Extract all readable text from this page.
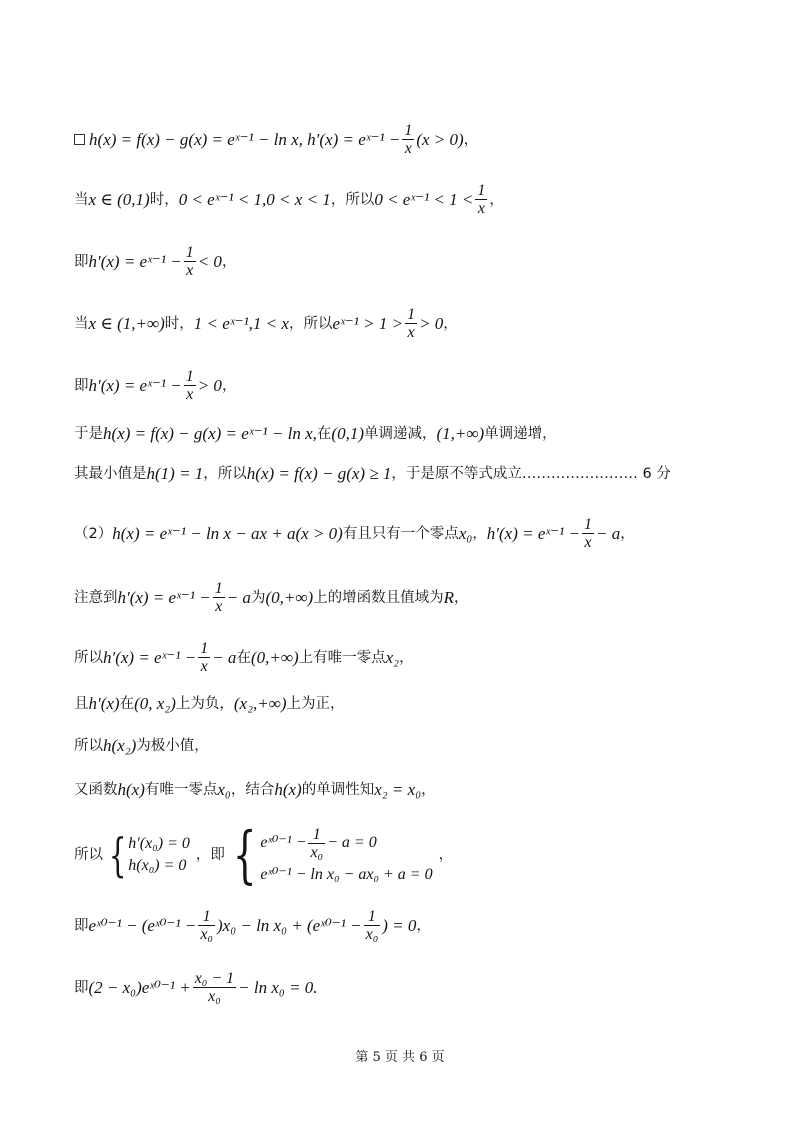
h(x) = f(x) − g(x) = eˣ⁻¹ − ln x, h′(x) = eˣ⁻¹ − $\frac{1}{x} (x > 0)$ ，
当 x ∈ (0,1) 时， 0 < eˣ⁻¹ < 1,0 < x < 1 ，所以 0 < eˣ⁻¹ < $1 < \frac{1}{x}$ ，
即 h′(x) = eˣ⁻¹ − $\frac{1}{x} < 0$ ，
当 x ∈ (1,+∞) 时， 1 < eˣ⁻¹,1 < x ，所以 eˣ⁻¹ > $1 > \frac{1}{x} > 0$ ，
即 h′(x) = eˣ⁻¹ − $\frac{1}{x} > 0$ ，
于是 h(x) = f(x) − g(x) = eˣ⁻¹ − ln x, 在 (0,1) 单调递减， (1,+∞) 单调递增，
其最小值是 h(1) = 1 ，所以 h(x) = f(x) − g(x) ≥ 1 ，于是原不等式成立…………………… 6 分
（2） h(x) = eˣ⁻¹ − ln x − ax + a(x > 0) 有且只有一个零点 x₀ ， h′(x) = eˣ⁻¹ − $\frac{1}{x} - a$ ，
注意到 h′(x) = eˣ⁻¹ − $\frac{1}{x} - a$ 为 (0,+∞) 上的增函数且值域为 R ，
所以 h′(x) = eˣ⁻¹ − $\frac{1}{x} - a$ 在 (0,+∞) 上有唯一零点 x₂ ，
且 h′(x) 在 (0, x₂) 上为负， (x₂,+∞) 上为正，
所以 h(x₂) 为极小值，
又函数 h(x) 有唯一零点 x₀ ，结合 h(x) 的单调性知 x₂ = x₀ ，
所以 { h′(x₀) = 0
h(x₀) = 0
，即 { eˣ⁰⁻¹ − $\frac{1}{\text{x₀}} - a = 0$
eˣ⁰⁻¹ − ln x₀ − ax₀ + a = 0
，
即 eˣ⁰⁻¹ − (eˣ⁰⁻¹ − $\frac{1}{\text{x₀}} )x_0 - \ln x_0$ + (eˣ⁰⁻¹ − $\frac{1}{\text{x₀}}$ ) = 0 ，
即 (2 − x₀)eˣ⁰⁻¹ + $\frac{\text{x₀ − 1}}{\text{x₀}} - \ln x_0 = 0$.
第 5 页 共 6 页
